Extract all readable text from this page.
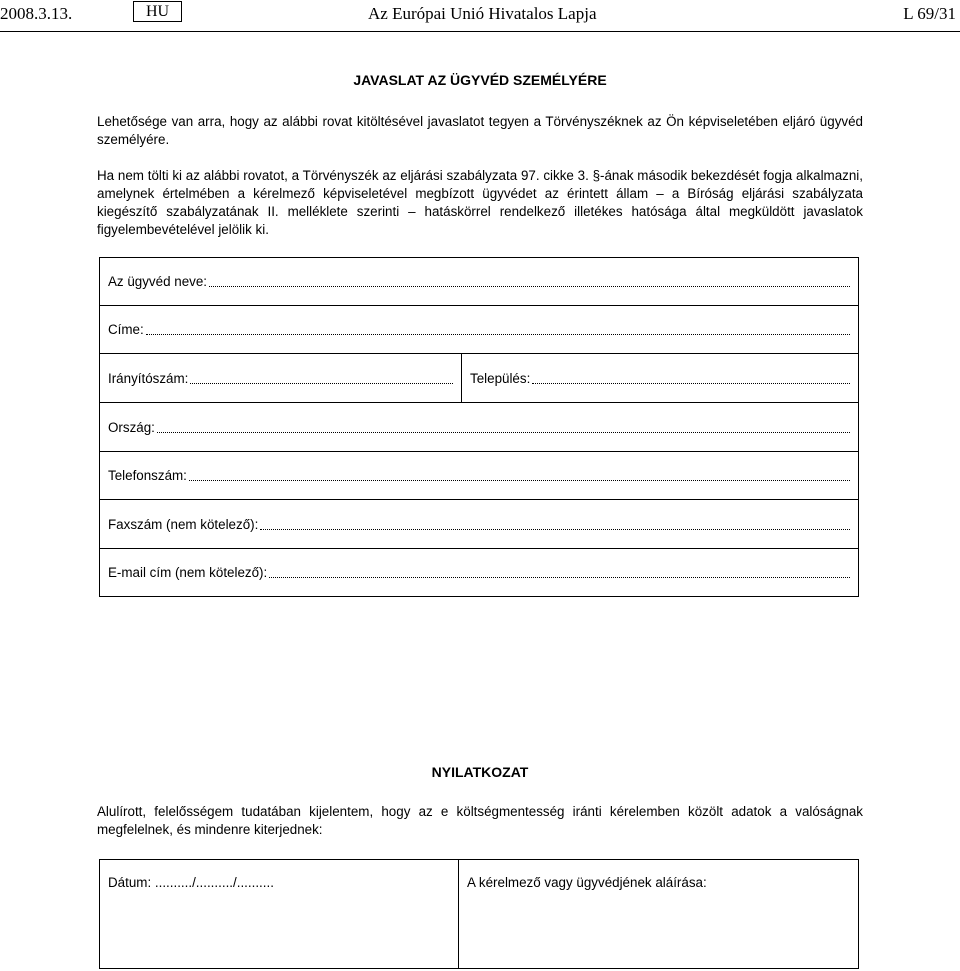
2008.3.13.	HU	Az Európai Unió Hivatalos Lapja	L 69/31
JAVASLAT AZ ÜGYVÉD SZEMÉLYÉRE

Lehetősége van arra, hogy az alábbi rovat kitöltésével javaslatot tegyen a Törvényszéknek az Ön képviseletében eljáró ügyvéd személyére.

Ha nem tölti ki az alábbi rovatot, a Törvényszék az eljárási szabályzata 97. cikke 3. §-ának második bekezdését fogja alkalmazni, amelynek értelmében a kérelmező képviseletével megbízott ügyvédet az érintett állam – a Bíróság eljárási szabályzata kiegészítő szabályzatának II. melléklete szerinti – hatáskörrel rendelkező illetékes hatósága által megküldött javaslatok figyelembevételével jelölik ki.

Az ügyvéd neve:
Címe:
Irányítószám:	Település:
Ország:
Telefonszám:
Faxszám (nem kötelező):
E-mail cím (nem kötelező):
NYILATKOZAT

Alulírott, felelősségem tudatában kijelentem, hogy az e költségmentesség iránti kérelemben közölt adatok a valóságnak megfelelnek, és mindenre kiterjednek:

Dátum: ........../........../..........	A kérelmező vagy ügyvédjének aláírása:
